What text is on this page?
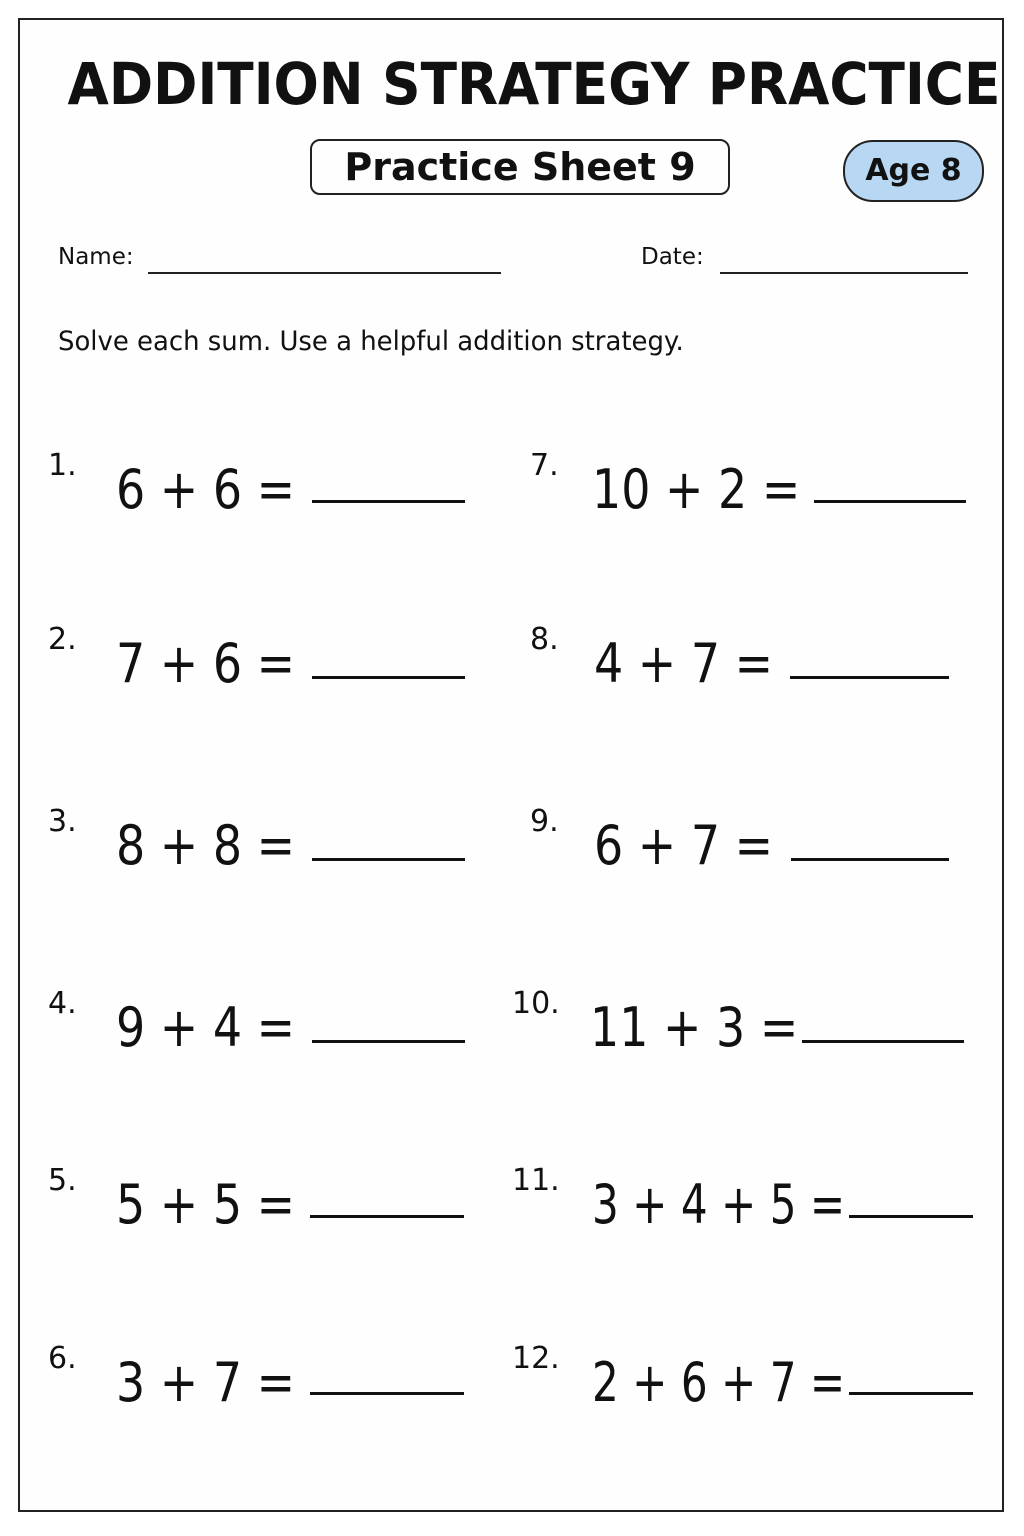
ADDITION STRATEGY PRACTICE
Practice Sheet 9	Age 8
Name:	Date:
Solve each sum. Use a helpful addition strategy.
1. 6 + 6 =
2. 7 + 6 =
3. 8 + 8 =
4. 9 + 4 =
5. 5 + 5 =
6. 3 + 7 =
7. 10 + 2 =
8. 4 + 7 =
9. 6 + 7 =
10. 11 + 3 =
11. 3 + 4 + 5 =
12. 2 + 6 + 7 =
